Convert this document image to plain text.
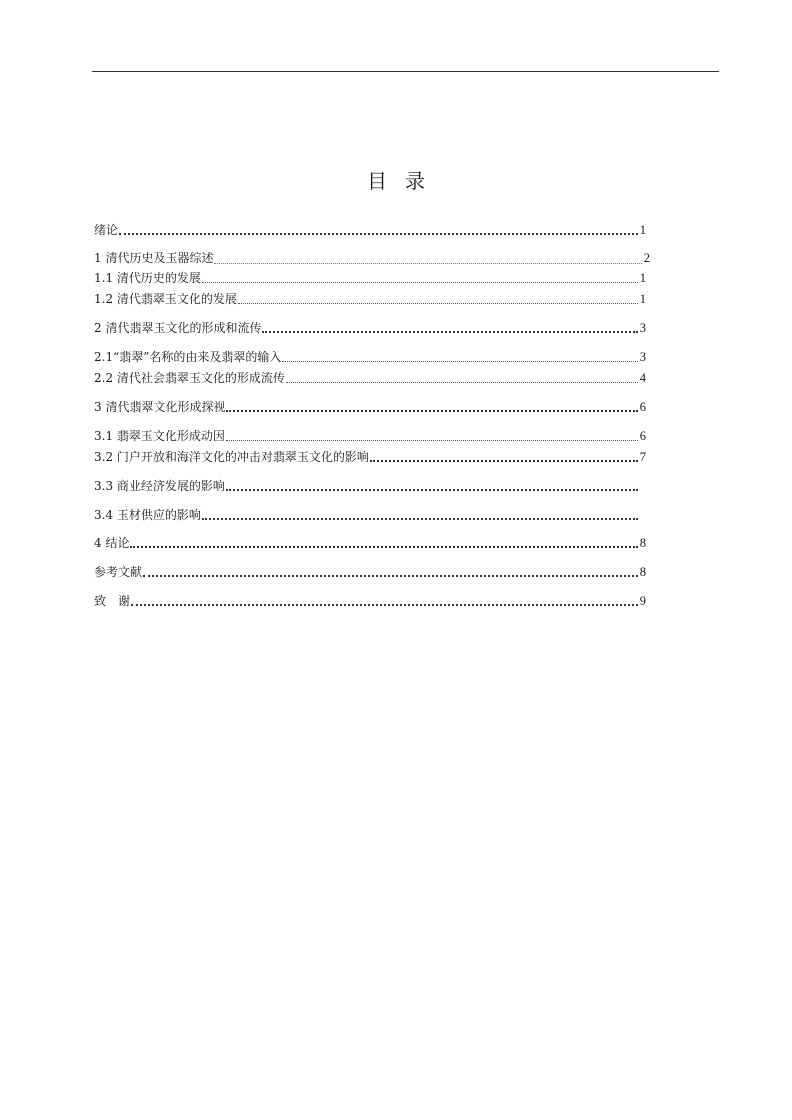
目 录
绪论	1
1 清代历史及玉器综述	2
1.1 清代历史的发展	1
1.2 清代翡翠玉文化的发展	1
2 清代翡翠玉文化的形成和流传	3
2.1“翡翠”名称的由来及翡翠的输入	3
2.2 清代社会翡翠玉文化的形成流传	4
3 清代翡翠文化形成探视	6
3.1 翡翠玉文化形成动因	6
3.2 门户开放和海洋文化的冲击对翡翠玉文化的影响	7
3.3 商业经济发展的影响
3.4 玉材供应的影响
4 结论	8
参考文献	8
致　谢	9
